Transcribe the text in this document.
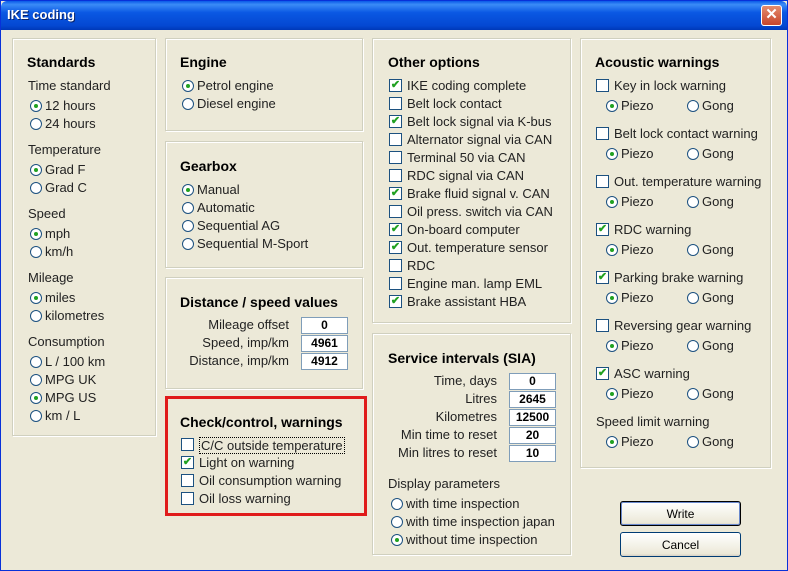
IKE coding	✕
Standards
Time standard
12 hours
24 hours
Temperature
Grad F
Grad C
Speed
mph
km/h
Mileage
miles
kilometres
Consumption
L / 100 km
MPG UK
MPG US
km / L
Engine
Petrol engine
Diesel engine
Gearbox
Manual
Automatic
Sequential AG
Sequential M-Sport
Distance / speed values
Mileage offset	0
Speed, imp/km	4961
Distance, imp/km	4912
Check/control, warnings
C/C outside temperature
✔ Light on warning
Oil consumption warning
Oil loss warning
Other options
✔ IKE coding complete
Belt lock contact
✔ Belt lock signal via K-bus
Alternator signal via CAN
Terminal 50 via CAN
RDC signal via CAN
✔ Brake fluid signal v. CAN
Oil press. switch via CAN
✔ On-board computer
✔ Out. temperature sensor
RDC
Engine man. lamp EML
✔ Brake assistant HBA
Service intervals (SIA)
Time, days	0
Litres	2645
Kilometres	12500
Min time to reset	20
Min litres to reset	10
Display parameters
with time inspection
with time inspection japan
without time inspection
Acoustic warnings
Key in lock warning
Piezo	Gong
Belt lock contact warning
Piezo	Gong
Out. temperature warning
Piezo	Gong
✔ RDC warning
Piezo	Gong
✔ Parking brake warning
Piezo	Gong
Reversing gear warning
Piezo	Gong
✔ ASC warning
Piezo	Gong
Speed limit warning
Piezo	Gong
Write
Cancel
